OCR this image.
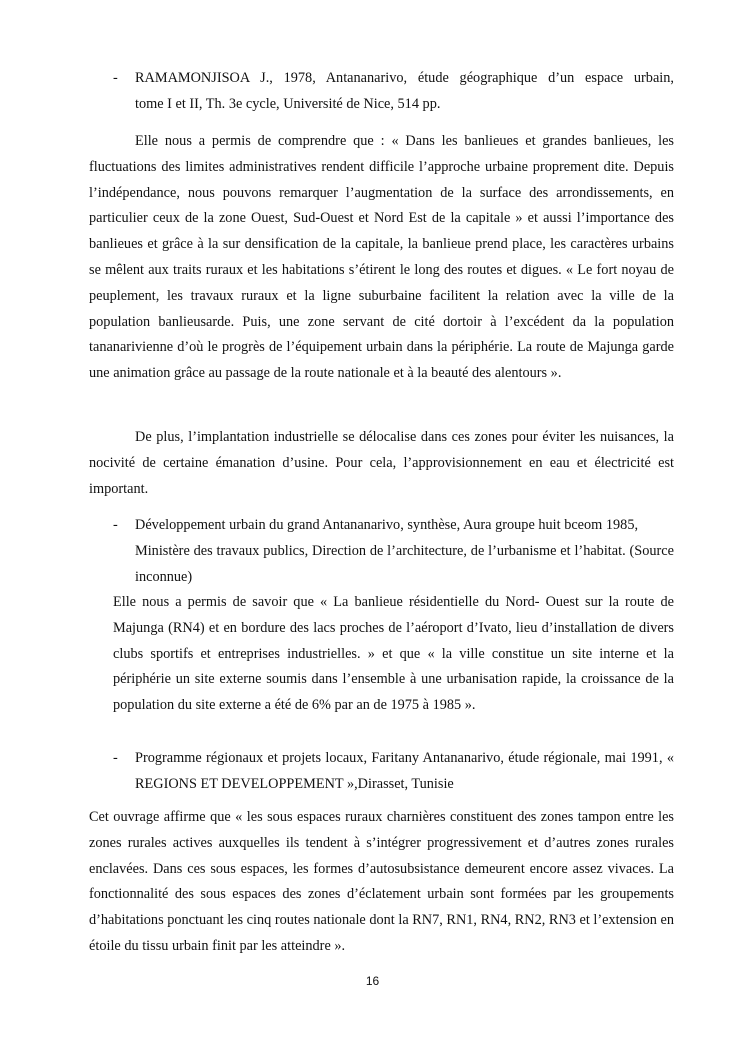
- RAMAMONJISOA J., 1978, Antananarivo, étude géographique d’un espace urbain,
tome I et II, Th. 3e cycle, Université de Nice, 514 pp.
Elle nous a permis de comprendre que : « Dans les banlieues et grandes banlieues, les fluctuations des limites administratives rendent difficile l’approche urbaine proprement dite. Depuis l’indépendance, nous pouvons remarquer l’augmentation de la surface des arrondissements, en particulier ceux de la zone Ouest, Sud-Ouest et Nord Est de la capitale » et aussi l’importance des banlieues et grâce à la sur densification de la capitale, la banlieue prend place, les caractères urbains se mêlent aux traits ruraux et les habitations s’étirent le long des routes et digues. « Le fort noyau de peuplement, les travaux ruraux et la ligne suburbaine facilitent la relation avec la ville de la population banlieusarde. Puis, une zone servant de cité dortoir à l’excédent da la population tananarivienne d’où le progrès de l’équipement urbain dans la périphérie. La route de Majunga garde une animation grâce au passage de la route nationale et à la beauté des alentours ».
De plus, l’implantation industrielle se délocalise dans ces zones pour éviter les nuisances, la nocivité de certaine émanation d’usine. Pour cela, l’approvisionnement en eau et électricité est important.
- Développement urbain du grand Antananarivo, synthèse, Aura groupe huit bceom 1985,
Ministère des travaux publics, Direction de l’architecture, de l’urbanisme et l’habitat. (Source inconnue)
Elle nous a permis de savoir que « La banlieue résidentielle du Nord- Ouest sur la route de Majunga (RN4) et en bordure des lacs proches de l’aéroport d’Ivato, lieu d’installation de divers clubs sportifs et entreprises industrielles. » et que « la ville constitue un site interne et la périphérie un site externe soumis dans l’ensemble à une urbanisation rapide, la croissance de la population du site externe a été de 6% par an de 1975 à 1985 ».
- Programme régionaux et projets locaux, Faritany Antananarivo, étude régionale, mai 1991, « REGIONS ET DEVELOPPEMENT »,Dirasset, Tunisie
Cet ouvrage affirme que « les sous espaces ruraux charnières constituent des zones tampon entre les zones rurales actives auxquelles ils tendent à s’intégrer progressivement et d’autres zones rurales enclavées. Dans ces sous espaces, les formes d’autosubsistance demeurent encore assez vivaces. La fonctionnalité des sous espaces des zones d’éclatement urbain sont formées par les groupements d’habitations ponctuant les cinq routes nationale dont la RN7, RN1, RN4, RN2, RN3 et l’extension en étoile du tissu urbain finit par les atteindre ».
16
